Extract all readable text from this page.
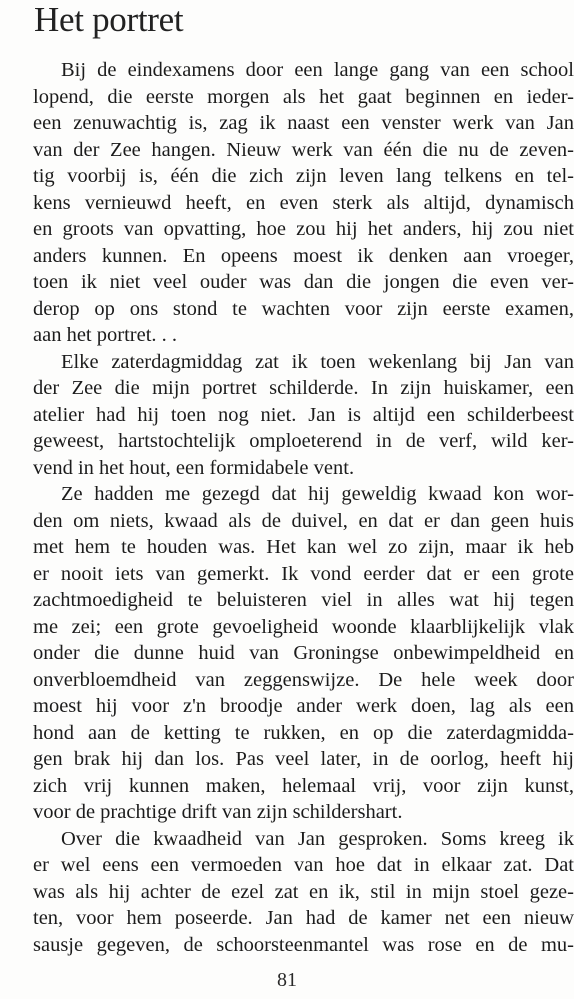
Het portret
Bij de eindexamens door een lange gang van een school
lopend, die eerste morgen als het gaat beginnen en ieder-
een zenuwachtig is, zag ik naast een venster werk van Jan
van der Zee hangen. Nieuw werk van één die nu de zeven-
tig voorbij is, één die zich zijn leven lang telkens en tel-
kens vernieuwd heeft, en even sterk als altijd, dynamisch
en groots van opvatting, hoe zou hij het anders, hij zou niet
anders kunnen. En opeens moest ik denken aan vroeger,
toen ik niet veel ouder was dan die jongen die even ver-
derop op ons stond te wachten voor zijn eerste examen,
aan het portret. . .
Elke zaterdagmiddag zat ik toen wekenlang bij Jan van
der Zee die mijn portret schilderde. In zijn huiskamer, een
atelier had hij toen nog niet. Jan is altijd een schilderbeest
geweest, hartstochtelijk omploeterend in de verf, wild ker-
vend in het hout, een formidabele vent.
Ze hadden me gezegd dat hij geweldig kwaad kon wor-
den om niets, kwaad als de duivel, en dat er dan geen huis
met hem te houden was. Het kan wel zo zijn, maar ik heb
er nooit iets van gemerkt. Ik vond eerder dat er een grote
zachtmoedigheid te beluisteren viel in alles wat hij tegen
me zei; een grote gevoeligheid woonde klaarblijkelijk vlak
onder die dunne huid van Groningse onbewimpeldheid en
onverbloemdheid van zeggenswijze. De hele week door
moest hij voor z'n broodje ander werk doen, lag als een
hond aan de ketting te rukken, en op die zaterdagmidda-
gen brak hij dan los. Pas veel later, in de oorlog, heeft hij
zich vrij kunnen maken, helemaal vrij, voor zijn kunst,
voor de prachtige drift van zijn schildershart.
Over die kwaadheid van Jan gesproken. Soms kreeg ik
er wel eens een vermoeden van hoe dat in elkaar zat. Dat
was als hij achter de ezel zat en ik, stil in mijn stoel geze-
ten, voor hem poseerde. Jan had de kamer net een nieuw
sausje gegeven, de schoorsteenmantel was rose en de mu-
81
